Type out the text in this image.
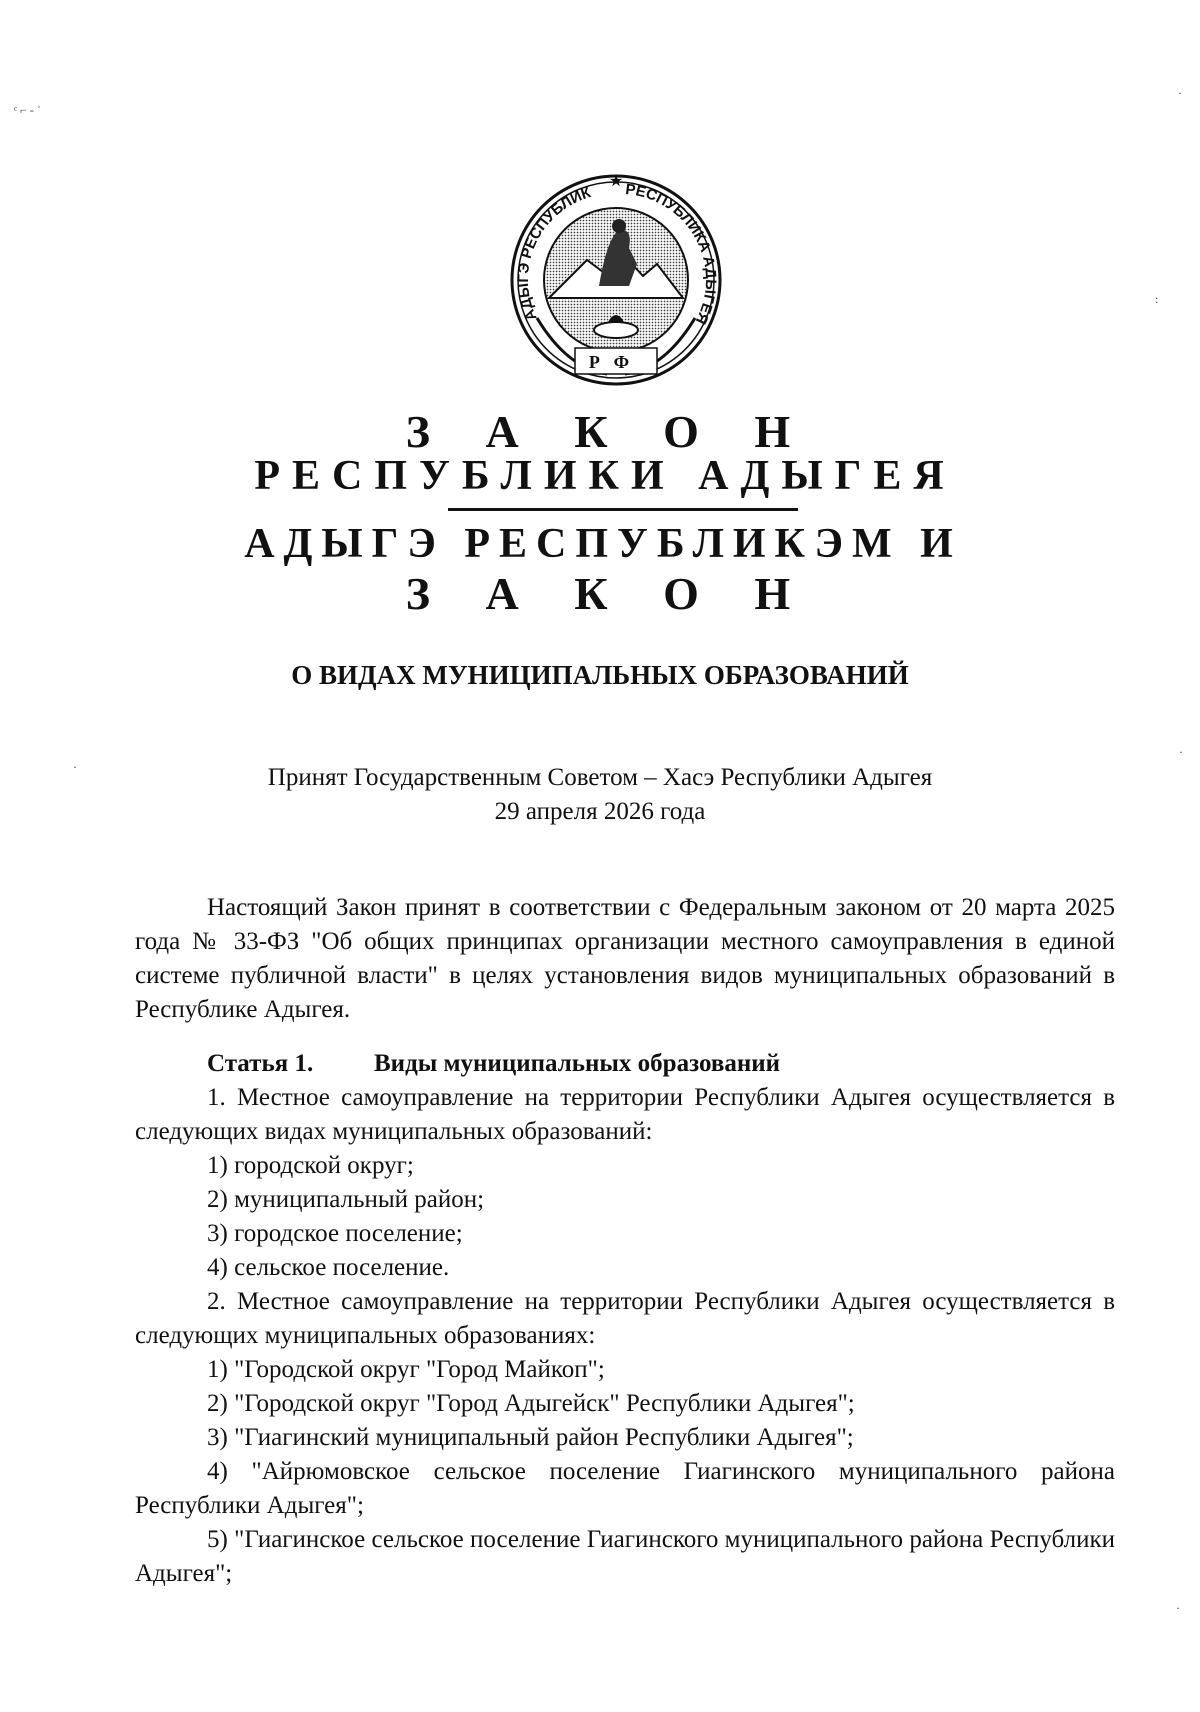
ᶜ ⌐ - ʾ
·
:
·
·
·
АДЫГЭ РЕСПУБЛИК РЕСПУБЛИКА АДЫГЕЯ
★
РФ
З А К О Н
РЕСПУБЛИКИ АДЫГЕЯ
АДЫГЭ РЕСПУБЛИКЭМ И
З А К О Н
О ВИДАХ МУНИЦИПАЛЬНЫХ ОБРАЗОВАНИЙ
Принят Государственным Советом – Хасэ Республики Адыгея
29 апреля 2026 года

Настоящий Закон принят в соответствии с Федеральным законом от 20 марта 2025 года № 33-ФЗ "Об общих принципах организации местного самоуправления в единой системе публичной власти" в целях установления видов муниципальных образований в Республике Адыгея.

Статья 1. Виды муниципальных образований

1. Местное самоуправление на территории Республики Адыгея осуществляется в следующих видах муниципальных образований:

1) городской округ;

2) муниципальный район;

3) городское поселение;

4) сельское поселение.

2. Местное самоуправление на территории Республики Адыгея осуществляется в следующих муниципальных образованиях:

1) "Городской округ "Город Майкоп";

2) "Городской округ "Город Адыгейск" Республики Адыгея";

3) "Гиагинский муниципальный район Республики Адыгея";

4) "Айрюмовское сельское поселение Гиагинского муниципального района Республики Адыгея";

5) "Гиагинское сельское поселение Гиагинского муниципального района Республики Адыгея";
